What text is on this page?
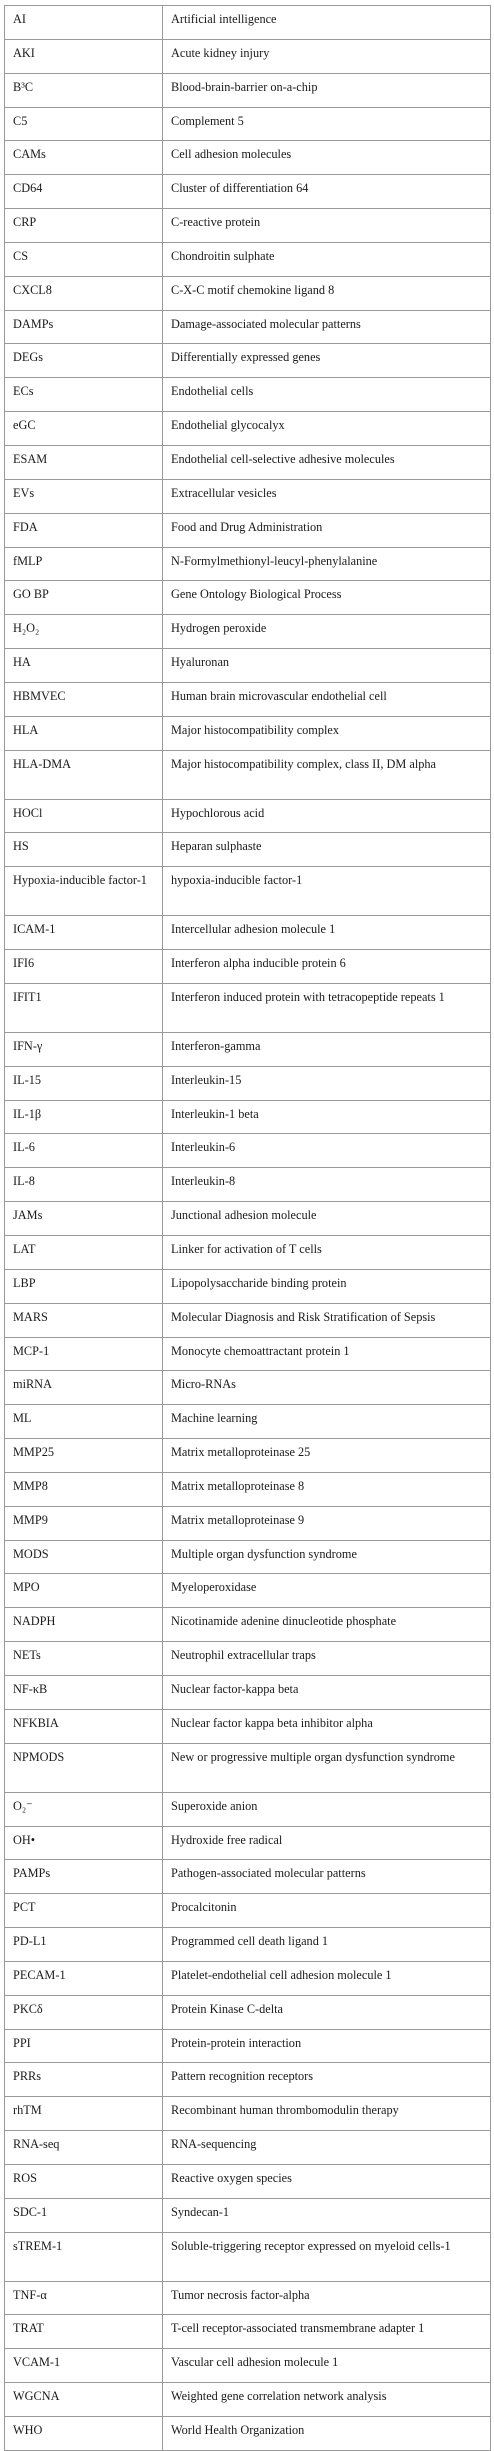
AI	Artificial intelligence
AKI	Acute kidney injury
B³C	Blood-brain-barrier on-a-chip
C5	Complement 5
CAMs	Cell adhesion molecules
CD64	Cluster of differentiation 64
CRP	C-reactive protein
CS	Chondroitin sulphate
CXCL8	C-X-C motif chemokine ligand 8
DAMPs	Damage-associated molecular patterns
DEGs	Differentially expressed genes
ECs	Endothelial cells
eGC	Endothelial glycocalyx
ESAM	Endothelial cell-selective adhesive molecules
EVs	Extracellular vesicles
FDA	Food and Drug Administration
fMLP	N-Formylmethionyl-leucyl-phenylalanine
GO BP	Gene Ontology Biological Process
H₂O₂	Hydrogen peroxide
HA	Hyaluronan
HBMVEC	Human brain microvascular endothelial cell
HLA	Major histocompatibility complex
HLA-DMA	Major histocompatibility complex, class II, DM alpha
HOCl	Hypochlorous acid
HS	Heparan sulphaste
Hypoxia-inducible factor-1	hypoxia-inducible factor-1
ICAM-1	Intercellular adhesion molecule 1
IFI6	Interferon alpha inducible protein 6
IFIT1	Interferon induced protein with tetracopeptide repeats 1
IFN-γ	Interferon-gamma
IL-15	Interleukin-15
IL-1β	Interleukin-1 beta
IL-6	Interleukin-6
IL-8	Interleukin-8
JAMs	Junctional adhesion molecule
LAT	Linker for activation of T cells
LBP	Lipopolysaccharide binding protein
MARS	Molecular Diagnosis and Risk Stratification of Sepsis
MCP-1	Monocyte chemoattractant protein 1
miRNA	Micro-RNAs
ML	Machine learning
MMP25	Matrix metalloproteinase 25
MMP8	Matrix metalloproteinase 8
MMP9	Matrix metalloproteinase 9
MODS	Multiple organ dysfunction syndrome
MPO	Myeloperoxidase
NADPH	Nicotinamide adenine dinucleotide phosphate
NETs	Neutrophil extracellular traps
NF-κB	Nuclear factor-kappa beta
NFKBIA	Nuclear factor kappa beta inhibitor alpha
NPMODS	New or progressive multiple organ dysfunction syndrome
O₂⁻	Superoxide anion
OH•	Hydroxide free radical
PAMPs	Pathogen-associated molecular patterns
PCT	Procalcitonin
PD-L1	Programmed cell death ligand 1
PECAM-1	Platelet-endothelial cell adhesion molecule 1
PKCδ	Protein Kinase C-delta
PPI	Protein-protein interaction
PRRs	Pattern recognition receptors
rhTM	Recombinant human thrombomodulin therapy
RNA-seq	RNA-sequencing
ROS	Reactive oxygen species
SDC-1	Syndecan-1
sTREM-1	Soluble-triggering receptor expressed on myeloid cells-1
TNF-α	Tumor necrosis factor-alpha
TRAT	T-cell receptor-associated transmembrane adapter 1
VCAM-1	Vascular cell adhesion molecule 1
WGCNA	Weighted gene correlation network analysis
WHO	World Health Organization
